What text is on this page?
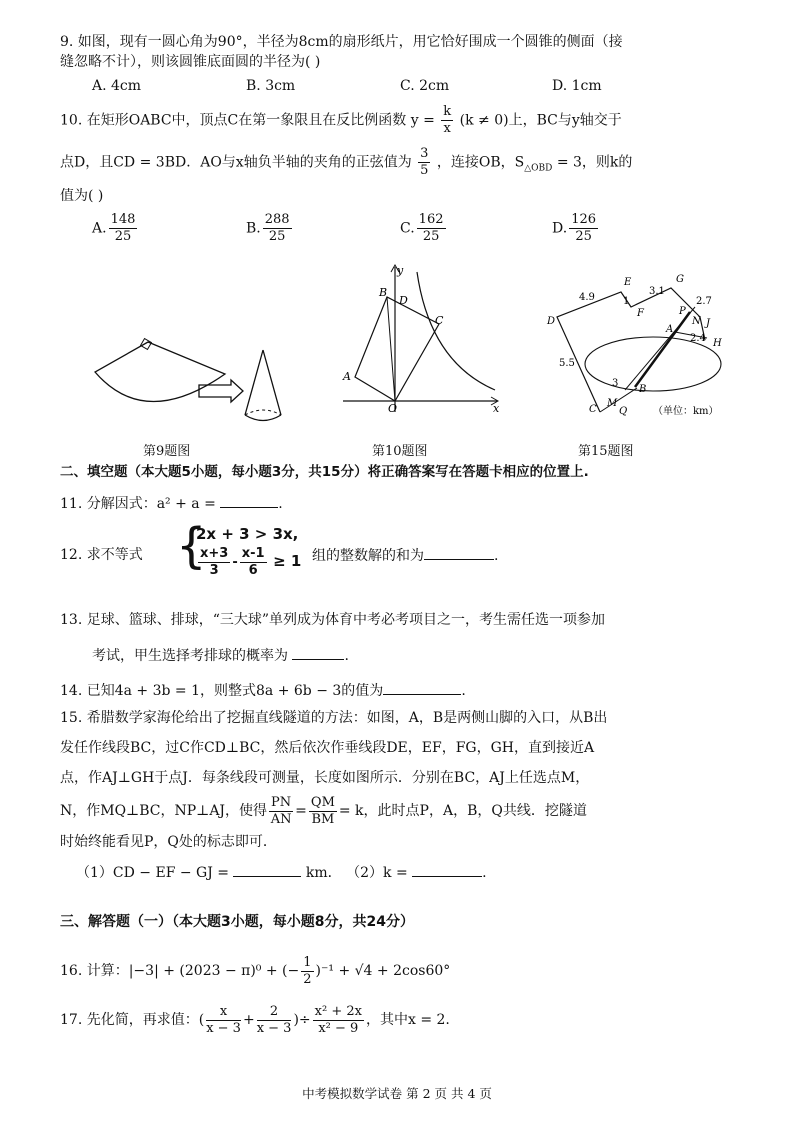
9. 如图，现有一圆心角为90°，半径为8cm的扇形纸片，用它恰好围成一个圆锥的侧面（接
缝忽略不计），则该圆锥底面圆的半径为( )
A. 4cm	B. 3cm	C. 2cm	D. 1cm
10. 在矩形OABC中，顶点C在第一象限且在反比例函数 $y = \frac{k}{x} (k \ne 0)$上，BC与y轴交于
点D，且CD = 3BD．AO与x轴负半轴的夹角的正弦值为 $\frac{3}{5}$ ，连接OB，$S_{\triangle OBD} = 3$，则k的
值为( )
A. $\frac{148}{25}$	B. $\frac{288}{25}$	C. $\frac{162}{25}$	D. $\frac{126}{25}$
y
B
D
C
A
O	x
E	G
4.9	1
3.1
2.7
F	P
N J
D
A
2.4 H
5.5
3
B
M
C Q	（单位：km）
第9题图	第10题图	第15题图
二、填空题（本大题5小题，每小题3分，共15分）将正确答案写在答题卡相应的位置上.
11. 分解因式：a² + a =	.
12. 求不等式 {
2x + 3 > 3x,
$\frac{x+3}{3} - \frac{x-1}{6} \ge 1$ 组的整数解的和为	.
13. 足球、篮球、排球，“三大球”单列成为体育中考必考项目之一，考生需任选一项参加
考试，甲生选择考排球的概率为	.
14. 已知4a + 3b = 1，则整式8a + 6b − 3的值为	.
15. 希腊数学家海伦给出了挖掘直线隧道的方法：如图，A，B是两侧山脚的入口，从B出
发任作线段BC，过C作CD⊥BC，然后依次作垂线段DE，EF，FG，GH，直到接近A
点，作AJ⊥GH于点J．每条线段可测量，长度如图所示．分别在BC，AJ上任选点M，
N，作MQ⊥BC，NP⊥AJ，使得 $\frac{PN}{AN} = \frac{QM}{BM} = k$，此时点P，A，B，Q共线．挖隧道
时始终能看见P，Q处的标志即可．
（1）CD − EF − GJ =	km． （2）k =	.
三、解答题（一）（本大题3小题，每小题8分，共24分）
16. 计算：|−3| + (2023 − π)⁰ + (− $\frac{1}{2} )^{-1} + √4 + 2\cos 60^\circ$
17. 先化简，再求值：( $\frac{x}{x - 3} + \frac{2}{x - 3}$ )÷ $\frac{\text{x² + 2x}}{\text{x² − 9}}$ ，其中x = 2.
中考模拟数学试卷 第 2 页 共 4 页
